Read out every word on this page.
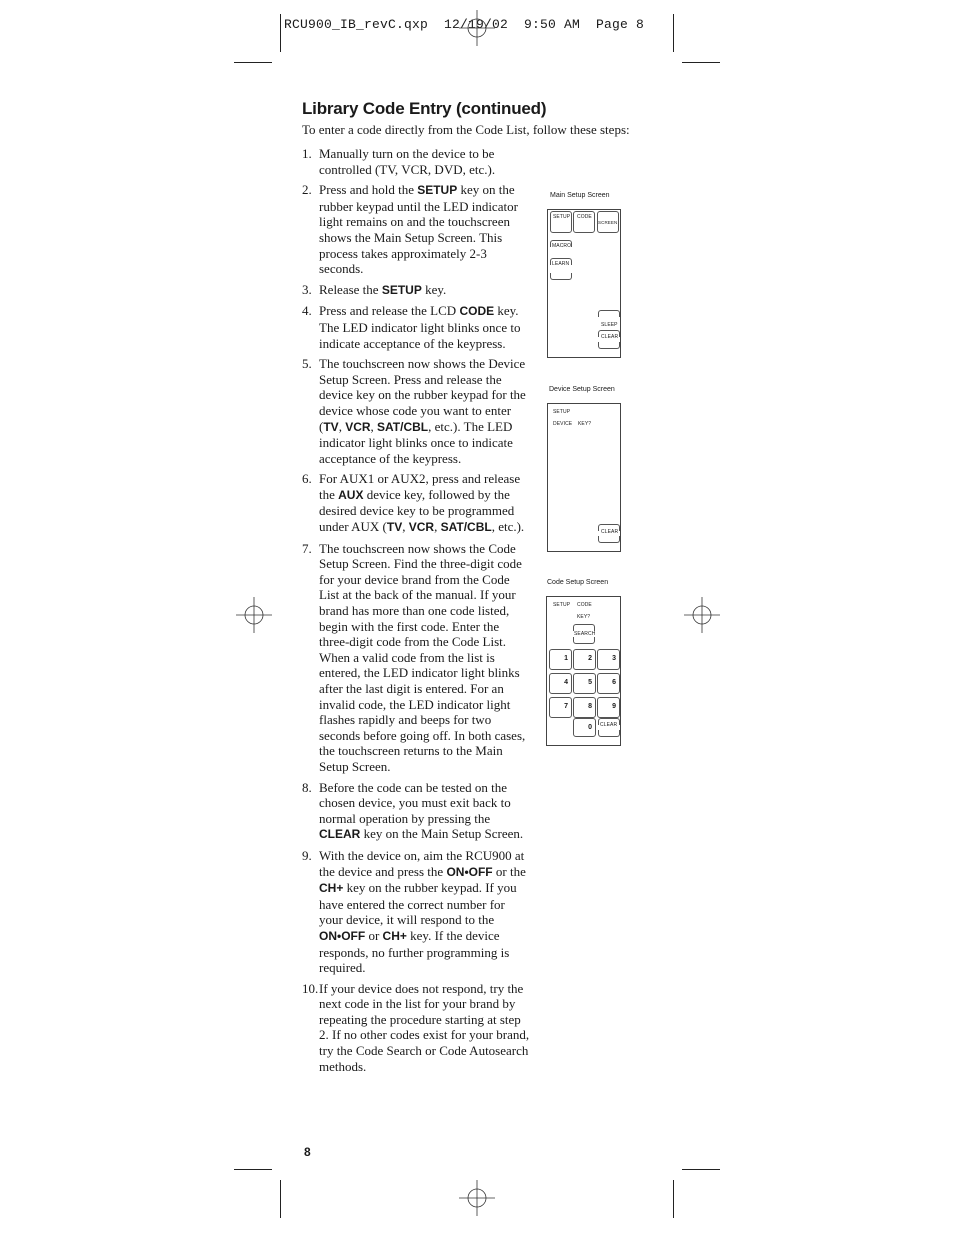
RCU900_IB_revC.qxp  12/19/02  9:50 AM  Page 8
Library Code Entry (continued)
To enter a code directly from the Code List, follow these steps:
1. Manually turn on the device to be controlled (TV, VCR, DVD, etc.).
2. Press and hold the SETUP key on the rubber keypad until the LED indicator light remains on and the touchscreen shows the Main Setup Screen. This process takes approximately 2-3 seconds.
3. Release the SETUP key.
4. Press and release the LCD CODE key. The LED indicator light blinks once to indicate acceptance of the keypress.
5. The touchscreen now shows the Device Setup Screen. Press and release the device key on the rubber keypad for the device whose code you want to enter (TV, VCR, SAT/CBL, etc.). The LED indicator light blinks once to indicate acceptance of the keypress.
6. For AUX1 or AUX2, press and release the AUX device key, followed by the desired device key to be programmed under AUX (TV, VCR, SAT/CBL, etc.).
7. The touchscreen now shows the Code Setup Screen. Find the three-digit code for your device brand from the Code List at the back of the manual. If your brand has more than one code listed, begin with the first code. Enter the three-digit code from the Code List. When a valid code from the list is entered, the LED indicator light blinks after the last digit is entered. For an invalid code, the LED indicator light flashes rapidly and beeps for two seconds before going off. In both cases, the touchscreen returns to the Main Setup Screen.
8. Before the code can be tested on the chosen device, you must exit back to normal operation by pressing the CLEAR key on the Main Setup Screen.
9. With the device on, aim the RCU900 at the device and press the ON•OFF or the CH+ key on the rubber keypad. If you have entered the correct number for your device, it will respond to the ON•OFF or CH+ key. If the device responds, no further programming is required.
10. If your device does not respond, try the next code in the list for your brand by repeating the procedure starting at step 2. If no other codes exist for your brand, try the Code Search or Code Autosearch methods.
8
Main Setup Screen
SETUP CODE
SCREEN
MACRO
LEARN
SLEEP
CLEAR
Device Setup Screen
SETUP
DEVICE KEY?
CLEAR
Code Setup Screen
SETUP CODE
KEY?
SEARCH
1	2	3
4	5	6
7	8	9
0 CLEAR
